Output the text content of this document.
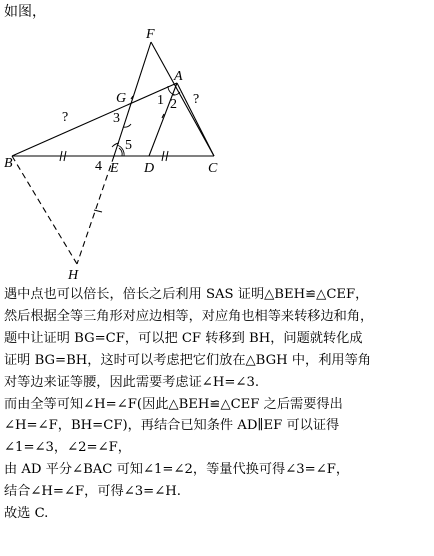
如图，
F
A
G
B	E D	C
H
1 2
3
4
5
?
?

遇中点也可以倍长，倍长之后利用 SAS 证明△BEH≌△CEF，

然后根据全等三角形对应边相等，对应角也相等来转移边和角，

题中让证明 BG=CF，可以把 CF 转移到 BH，问题就转化成

证明 BG=BH，这时可以考虑把它们放在△BGH 中，利用等角

对等边来证等腰，因此需要考虑证∠H=∠3.

而由全等可知∠H=∠F(因此△BEH≌△CEF 之后需要得出

∠H=∠F，BH=CF)，再结合已知条件 AD∥EF 可以证得

∠1=∠3，∠2=∠F，

由 AD 平分∠BAC 可知∠1=∠2，等量代换可得∠3=∠F，

结合∠H=∠F，可得∠3=∠H.

故选 C.
